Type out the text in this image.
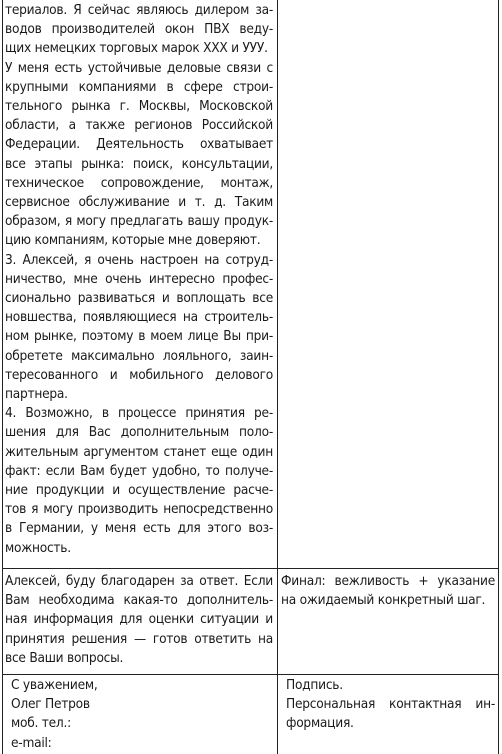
териалов. Я сейчас являюсь дилером за-
водов производителей окон ПВХ веду-
щих немецких торговых марок ХХХ и УУУ.
У меня есть устойчивые деловые связи с
крупными компаниями в сфере строи-
тельного рынка г. Москвы, Московской
области, а также регионов Российской
Федерации. Деятельность охватывает
все этапы рынка: поиск, консультации,
техническое сопровождение, монтаж,
сервисное обслуживание и т. д. Таким
образом, я могу предлагать вашу продук-
цию компаниям, которые мне доверяют.
3. Алексей, я очень настроен на сотруд-
ничество, мне очень интересно профес-
сионально развиваться и воплощать все
новшества, появляющиеся на строитель-
ном рынке, поэтому в моем лице Вы при-
обретете максимально лояльного, заин-
тересованного и мобильного делового
партнера.
4. Возможно, в процессе принятия ре-
шения для Вас дополнительным поло-
жительным аргументом станет еще один
факт: если Вам будет удобно, то получе-
ние продукции и осуществление расче-
тов я могу производить непосредственно
в Германии, у меня есть для этого воз-
можность.
Алексей, буду благодарен за ответ. Если
Вам необходима какая-то дополнитель-
ная информация для оценки ситуации и
принятия решения — готов ответить на
все Ваши вопросы.
Финал: вежливость + указание
на ожидаемый конкретный шаг.
С уважением,
Олег Петров
моб. тел.:
e-mail:
Подпись.
Персональная контактная ин-
формация.
